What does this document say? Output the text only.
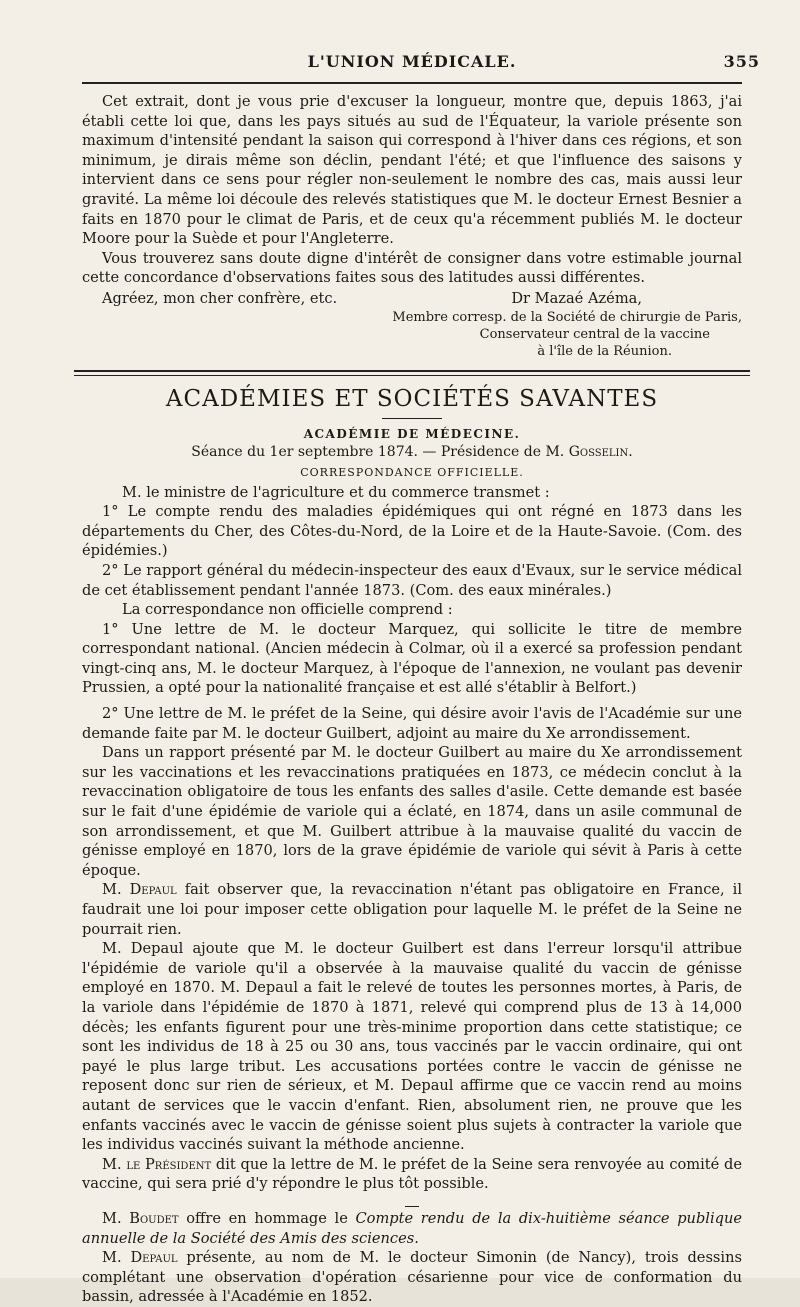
L'UNION MÉDICALE.	355

Cet extrait, dont je vous prie d'excuser la longueur, montre que, depuis 1863, j'ai établi cette loi que, dans les pays situés au sud de l'Équateur, la variole présente son maximum d'intensité pendant la saison qui correspond à l'hiver dans ces régions, et son minimum, je dirais même son déclin, pendant l'été; et que l'influence des saisons y intervient dans ce sens pour régler non-seulement le nombre des cas, mais aussi leur gravité. La même loi découle des relevés statistiques que M. le docteur Ernest Besnier a faits en 1870 pour le climat de Paris, et de ceux qu'a récemment publiés M. le docteur Moore pour la Suède et pour l'Angleterre.

Vous trouverez sans doute digne d'intérêt de consigner dans votre estimable journal cette concordance d'observations faites sous des latitudes aussi différentes.

Agréez, mon cher confrère, etc.	Dr Mazaé Azéma,
Membre corresp. de la Société de chirurgie de Paris,
Conservateur central de la vaccine
à l'île de la Réunion.
ACADÉMIES ET SOCIÉTÉS SAVANTES
ACADÉMIE DE MÉDECINE.
Séance du 1er septembre 1874. — Présidence de M. Gosselin.
CORRESPONDANCE OFFICIELLE.

M. le ministre de l'agriculture et du commerce transmet :

1° Le compte rendu des maladies épidémiques qui ont régné en 1873 dans les départements du Cher, des Côtes-du-Nord, de la Loire et de la Haute-Savoie. (Com. des épidémies.)

2° Le rapport général du médecin-inspecteur des eaux d'Evaux, sur le service médical de cet établissement pendant l'année 1873. (Com. des eaux minérales.)

La correspondance non officielle comprend :

1° Une lettre de M. le docteur Marquez, qui sollicite le titre de membre correspondant national. (Ancien médecin à Colmar, où il a exercé sa profession pendant vingt-cinq ans, M. le docteur Marquez, à l'époque de l'annexion, ne voulant pas devenir Prussien, a opté pour la nationalité française et est allé s'établir à Belfort.)

2° Une lettre de M. le préfet de la Seine, qui désire avoir l'avis de l'Académie sur une demande faite par M. le docteur Guilbert, adjoint au maire du Xe arrondissement.

Dans un rapport présenté par M. le docteur Guilbert au maire du Xe arrondissement sur les vaccinations et les revaccinations pratiquées en 1873, ce médecin conclut à la revaccination obligatoire de tous les enfants des salles d'asile. Cette demande est basée sur le fait d'une épidémie de variole qui a éclaté, en 1874, dans un asile communal de son arrondissement, et que M. Guilbert attribue à la mauvaise qualité du vaccin de génisse employé en 1870, lors de la grave épidémie de variole qui sévit à Paris à cette époque.

M. Depaul fait observer que, la revaccination n'étant pas obligatoire en France, il faudrait une loi pour imposer cette obligation pour laquelle M. le préfet de la Seine ne pourrait rien.

M. Depaul ajoute que M. le docteur Guilbert est dans l'erreur lorsqu'il attribue l'épidémie de variole qu'il a observée à la mauvaise qualité du vaccin de génisse employé en 1870. M. Depaul a fait le relevé de toutes les personnes mortes, à Paris, de la variole dans l'épidémie de 1870 à 1871, relevé qui comprend plus de 13 à 14,000 décès; les enfants figurent pour une très-minime proportion dans cette statistique; ce sont les individus de 18 à 25 ou 30 ans, tous vaccinés par le vaccin ordinaire, qui ont payé le plus large tribut. Les accusations portées contre le vaccin de génisse ne reposent donc sur rien de sérieux, et M. Depaul affirme que ce vaccin rend au moins autant de services que le vaccin d'enfant. Rien, absolument rien, ne prouve que les enfants vaccinés avec le vaccin de génisse soient plus sujets à contracter la variole que les individus vaccinés suivant la méthode ancienne.

M. le Président dit que la lettre de M. le préfet de la Seine sera renvoyée au comité de vaccine, qui sera prié d'y répondre le plus tôt possible.

M. Boudet offre en hommage le Compte rendu de la dix-huitième séance publique annuelle de la Société des Amis des sciences.

M. Depaul présente, au nom de M. le docteur Simonin (de Nancy), trois dessins complétant une observation d'opération césarienne pour vice de conformation du bassin, adressée à l'Académie en 1852.
